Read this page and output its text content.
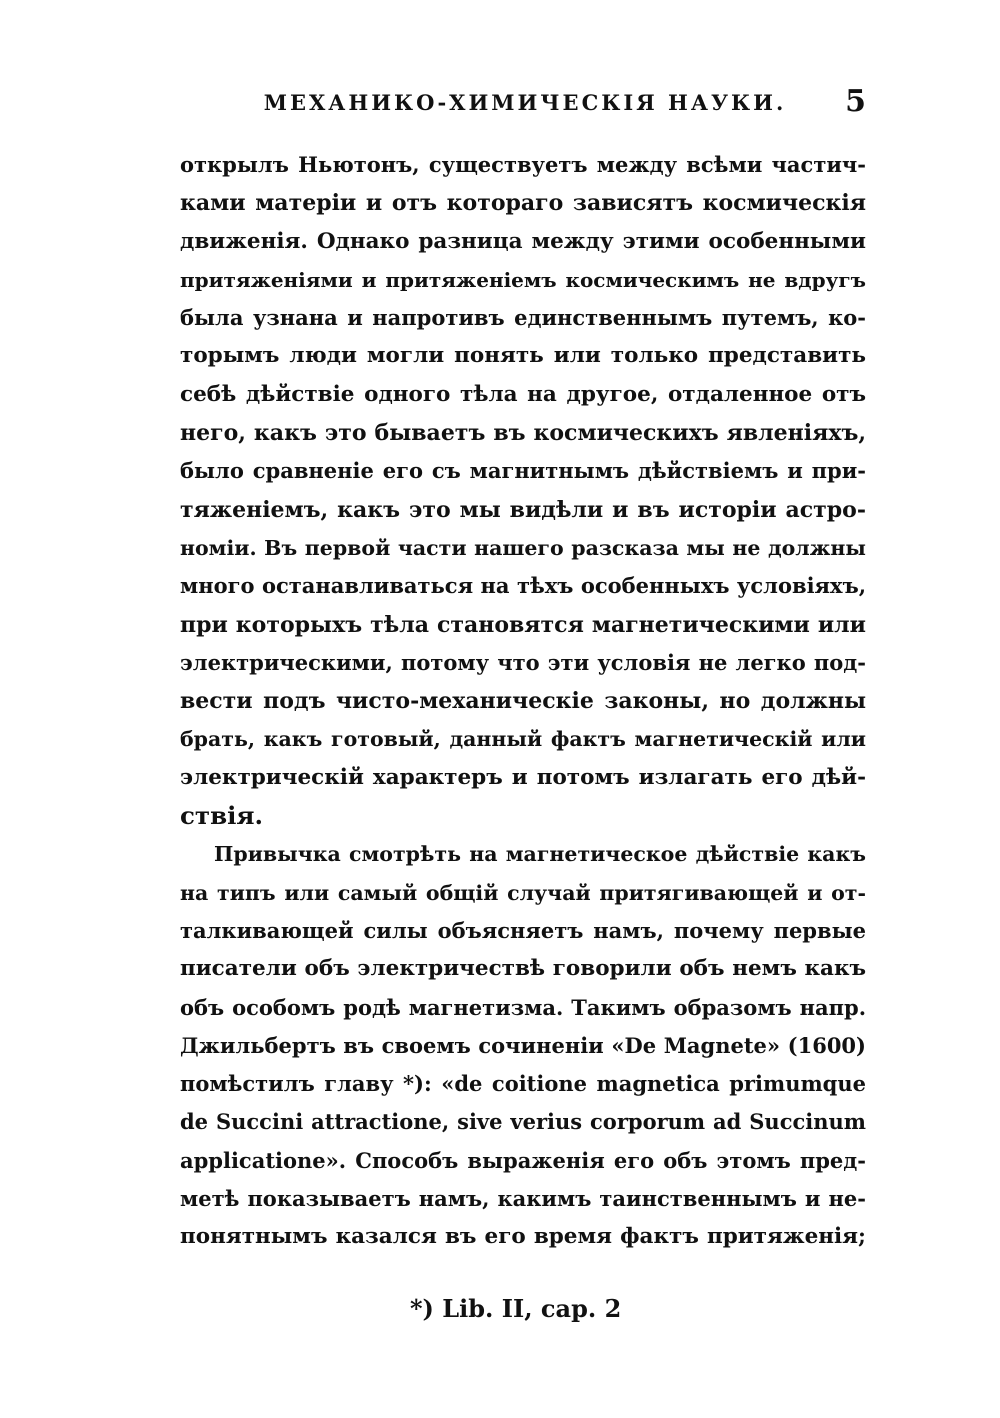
МЕХАНИКО-ХИМИЧЕСКІЯ НАУКИ.	5
открылъ Ньютонъ, существуетъ между всѣми частич-
ками матеріи и отъ котораго зависятъ космическія
движенія. Однако разница между этими особенными
притяженіями и притяженіемъ космическимъ не вдругъ
была узнана и напротивъ единственнымъ путемъ, ко-
торымъ люди могли понять или только представить
себѣ дѣйствіе одного тѣла на другое, отдаленное отъ
него, какъ это бываетъ въ космическихъ явленіяхъ,
было сравненіе его съ магнитнымъ дѣйствіемъ и при-
тяженіемъ, какъ это мы видѣли и въ исторіи астро-
номіи. Въ первой части нашего разсказа мы не должны
много останавливаться на тѣхъ особенныхъ условіяхъ,
при которыхъ тѣла становятся магнетическими или
электрическими, потому что эти условія не легко под-
вести подъ чисто-механическіе законы, но должны
брать, какъ готовый, данный фактъ магнетическій или
электрическій характеръ и потомъ излагать его дѣй-
ствія.
Привычка смотрѣть на магнетическое дѣйствіе какъ
на типъ или самый общій случай притягивающей и от-
талкивающей силы объясняетъ намъ, почему первые
писатели объ электричествѣ говорили объ немъ какъ
объ особомъ родѣ магнетизма. Такимъ образомъ напр.
Джильбертъ въ своемъ сочиненіи «De Magnete» (1600)
помѣстилъ главу *): «de coitione magnetica primumque
de Succini attractione, sive verius corporum ad Succinum
applicatione». Способъ выраженія его объ этомъ пред-
метѣ показываетъ намъ, какимъ таинственнымъ и не-
понятнымъ казался въ его время фактъ притяженія;
*) Lib. II, cap. 2
